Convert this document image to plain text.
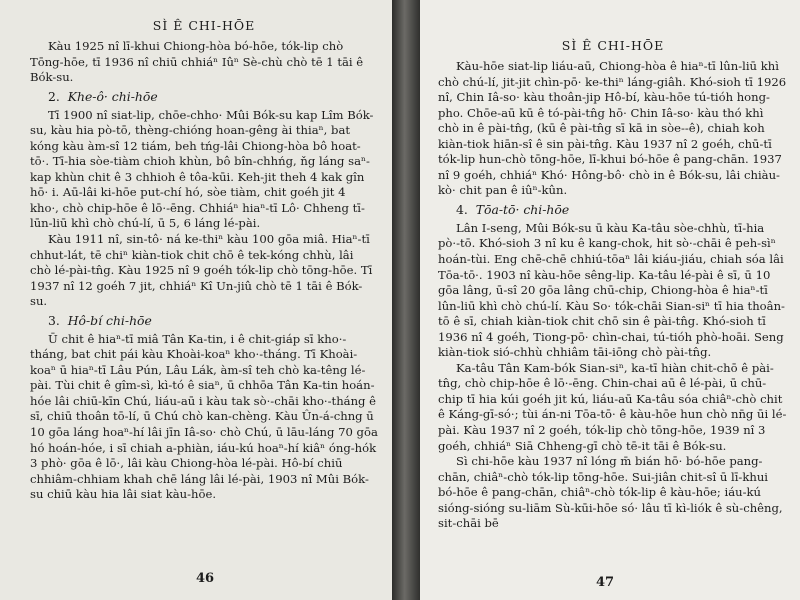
SÌ Ê CHI-HŌE

Kàu 1925 nî lī-khui Chiong-hòa bó-hōe, tók-lip chò Tōng-hōe, tī 1936 nî chiū chhiáⁿ Iûⁿ Sè-chù chò tē 1 tāi ê Bók-su.

2. Khe-ô· chi-hōe

Tī 1900 nî siat-lip, chōe-chho· Mûi Bók-su kap Lîm Bók-su, kàu hia pò-tō, thèng-chióng hoan-gêng ài thiaⁿ, bat kóng kàu àm-sî 12 tiám, beh tńg-lâi Chiong-hòa bô hoat-tō·. Tī-hia sòe-tiàm chioh khùn, bô bîn-chhńg, ňg láng saⁿ-kap khùn chit ê 3 chhioh ê tôa-kūi. Keh-jit theh 4 kak gîn hō· i. Aū-lâi ki-hōe put-chí hó, sòe tiàm, chit goéh jit 4 kho·, chò chip-hōe ê lō·-ēng. Chhiáⁿ hiaⁿ-tī Lô· Chheng tī-lūn-liū khì chò chú-lí, ū 5, 6 láng lé-pài.

Kàu 1911 nî, sin-tô· ná ke-thiⁿ kàu 100 gōa miâ. Hiaⁿ-tī chhut-lát, tē chiⁿ kiàn-tiok chit chō ê tek-kóng chhù, lâi chò lé-pài-tn̂g. Kàu 1925 nî 9 goéh tók-lip chò tōng-hōe. Tī 1937 nî 12 goéh 7 jit, chhiáⁿ Kî Un-jiû chò tē 1 tāi ê Bók-su.

3. Hô-bí chi-hōe

Ū chit ê hiaⁿ-tī miâ Tân Ka-tin, i ê chit-giáp sī kho·-tháng, bat chit pái kàu Khoài-koaⁿ kho·-tháng. Tī Khoài-koaⁿ ū hiaⁿ-tī Lâu Pún, Lâu Lák, àm-sî teh chò ka-têng lé-pài. Tùi chit ê gîm-sì, kì-tó ê siaⁿ, ū chhōa Tân Ka-tin hoán-hóe lâi chiū-kīn Chú, liáu-aū i kàu tak sò·-chāi kho·-tháng ê sī, chiū thoân tō-lí, ū Chú chò kan-chèng. Kàu Ûn-á-chng ū 10 gōa láng hoaⁿ-hí lâi jīn Iâ-so· chò Chú, ū lāu-láng 70 gōa hó hoán-hóe, i sī chiah a-phiàn, iáu-kú hoaⁿ-hí kiâⁿ óng-hók 3 phò· gōa ê lō·, lâi kàu Chiong-hòa lé-pài. Hô-bí chiū chhiâm-chhiam khah chē láng lâi lé-pài, 1903 nî Mûi Bók-su chiū kàu hia lâi siat kàu-hōe.

46
SÌ Ê CHI-HŌE

Kàu-hōe siat-lip liáu-aū, Chiong-hòa ê hiaⁿ-tī lûn-liū khì chò chú-lí, jit-jit chìn-pō· ke-thiⁿ láng-giâh. Khó-sioh tī 1926 nî, Chin Iâ-so· kàu thoân-jip Hô-bí, kàu-hōe tú-tióh hong-pho. Chōe-aū kū ê tó-pài-tn̂g hō· Chin Iâ-so· kàu thó khì chò in ê pài-tn̂g, (kū ê pài-tn̂g sī kā in sòe--ê), chiah koh kiàn-tiok hiān-sî ê sin pài-tn̂g. Kàu 1937 nî 2 goéh, chū-tī tók-lip hun-chò tōng-hōe, lī-khui bó-hōe ê pang-chān. 1937 nî 9 goéh, chhiáⁿ Khó· Hông-bô· chò in ê Bók-su, lâi chiàu-kò· chit pan ê iûⁿ-kûn.

4. Tōa-tō· chi-hōe

Lân I-seng, Mûi Bók-su ū kàu Ka-tâu sòe-chhù, tī-hia pò·-tō. Khó-sioh 3 nî ku ê kang-chok, hit sò·-chāi ê peh-sìⁿ hoán-tùi. Eng chē-chē chhiú-tōaⁿ lâi kiáu-jiáu, chiah sóa lâi Tōa-tō·. 1903 nî kàu-hōe sêng-lip. Ka-tâu lé-pài ê sī, ū 10 gōa lâng, ū-sî 20 gōa lâng chū-chip, Chiong-hòa ê hiaⁿ-tī lûn-liū khì chò chú-lí. Kàu So· tók-chāi Sian-siⁿ tī hia thoân-tō ê sī, chiah kiàn-tiok chit chō sin ê pài-tn̂g. Khó-sioh tī 1936 nî 4 goéh, Tiong-pō· chìn-chai, tú-tióh phò-hoāi. Seng kiàn-tiok sió-chhù chhiâm tāi-iōng chò pài-tn̂g.

Ka-tâu Tân Kam-bók Sian-siⁿ, ka-tī hiàn chit-chō ê pài-tn̂g, chò chip-hōe ê lō·-ēng. Chin-chai aū ê lé-pài, ū chū-chip tī hia kúi goéh jit kú, liáu-aū Ka-tâu sóa chiâⁿ-chò chit ê Káng-gī-só·; tùi án-ni Tōa-tō· ê kàu-hōe hun chò nn̄g ūi lé-pài. Kàu 1937 nî 2 goéh, tók-lip chò tōng-hōe, 1939 nî 3 goéh, chhiáⁿ Siā Chheng-gī chò tē-it tāi ê Bók-su.

Sì chi-hōe kàu 1937 nî lóng m̄ bián hō· bó-hōe pang-chān, chiâⁿ-chò tók-lip tōng-hōe. Sui-jiân chit-sî ū lī-khui bó-hōe ê pang-chān, chiâⁿ-chò tók-lip ê kàu-hōe; iáu-kú sióng-sióng su-liām Sù-kūi-hōe só· lâu tī kì-liók ê sù-chêng, sit-chāi bē

47
